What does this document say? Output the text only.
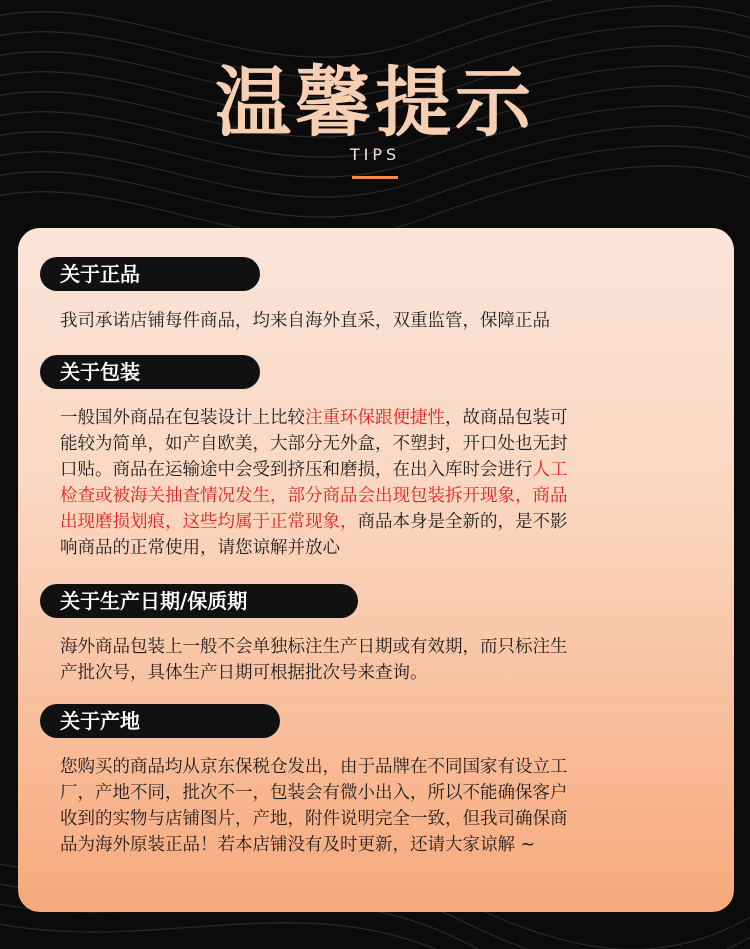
温馨提示
TIPS
关于正品
我司承诺店铺每件商品，均来自海外直采，双重监管，保障正品
关于包装
一般国外商品在包装设计上比较注重环保跟便捷性，故商品包装可
能较为简单，如产自欧美，大部分无外盒，不塑封，开口处也无封
口贴。商品在运输途中会受到挤压和磨损，在出入库时会进行人工
检查或被海关抽查情况发生，部分商品会出现包装拆开现象，商品
出现磨损划痕，这些均属于正常现象，商品本身是全新的，是不影
响商品的正常使用，请您谅解并放心
关于生产日期/保质期
海外商品包装上一般不会单独标注生产日期或有效期，而只标注生
产批次号，具体生产日期可根据批次号来查询。
关于产地
您购买的商品均从京东保税仓发出，由于品牌在不同国家有设立工
厂，产地不同，批次不一，包装会有微小出入，所以不能确保客户
收到的实物与店铺图片，产地，附件说明完全一致，但我司确保商
品为海外原装正品！若本店铺没有及时更新，还请大家谅解 ~
